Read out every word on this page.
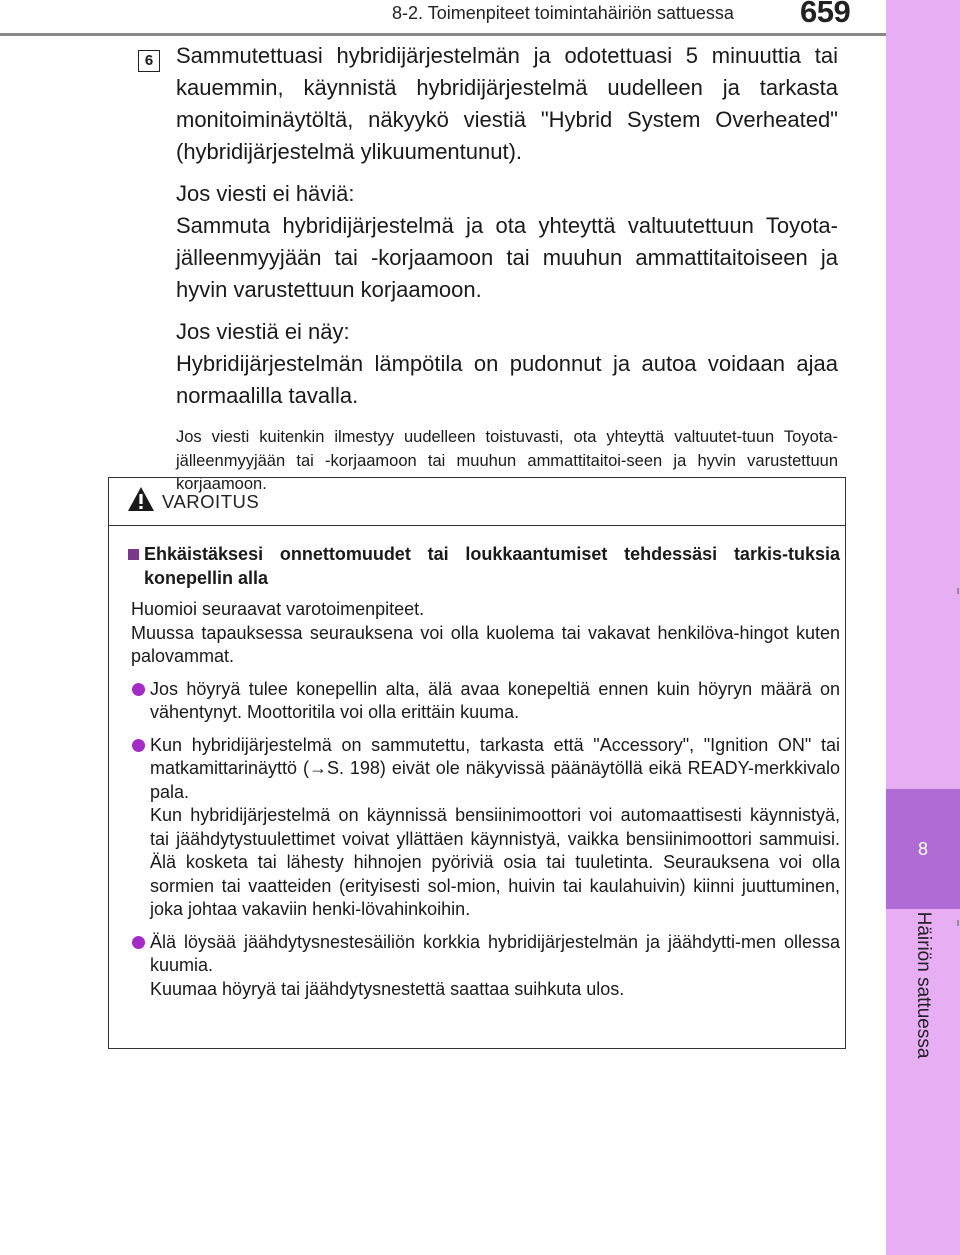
8-2. Toimenpiteet toimintahäiriön sattuessa 659
8
Häiriön sattuessa
6	Sammutettuasi hybridijärjestelmän ja odotettuasi 5 minuuttia tai kauemmin, käynnistä hybridijärjestelmä uudelleen ja tarkasta monitoiminäytöltä, näkyykö viestiä "Hybrid System Overheated" (hybridijärjestelmä ylikuumentunut).

Jos viesti ei häviä:

Sammuta hybridijärjestelmä ja ota yhteyttä valtuutettuun Toyota-jälleenmyyjään tai -korjaamoon tai muuhun ammattitaitoiseen ja hyvin varustettuun korjaamoon.

Jos viestiä ei näy:

Hybridijärjestelmän lämpötila on pudonnut ja autoa voidaan ajaa normaalilla tavalla.

Jos viesti kuitenkin ilmestyy uudelleen toistuvasti, ota yhteyttä valtuutet-tuun Toyota-jälleenmyyjään tai -korjaamoon tai muuhun ammattitaitoi-seen ja hyvin varustettuun korjaamoon.
VAROITUS
Ehkäistäksesi onnettomuudet tai loukkaantumiset tehdessäsi tarkis-tuksia konepellin alla
Huomioi seuraavat varotoimenpiteet.
Muussa tapauksessa seurauksena voi olla kuolema tai vakavat henkilöva-hingot kuten palovammat.
Jos höyryä tulee konepellin alta, älä avaa konepeltiä ennen kuin höyryn määrä on vähentynyt. Moottoritila voi olla erittäin kuuma.
Kun hybridijärjestelmä on sammutettu, tarkasta että "Accessory", "Ignition ON" tai matkamittarinäyttö (→S. 198) eivät ole näkyvissä päänäytöllä eikä READY-merkkivalo pala.
Kun hybridijärjestelmä on käynnissä bensiinimoottori voi automaattisesti käynnistyä, tai jäähdytystuulettimet voivat yllättäen käynnistyä, vaikka bensiinimoottori sammuisi. Älä kosketa tai lähesty hihnojen pyöriviä osia tai tuuletinta. Seurauksena voi olla sormien tai vaatteiden (erityisesti sol-mion, huivin tai kaulahuivin) kiinni juuttuminen, joka johtaa vakaviin henki-lövahinkoihin.
Älä löysää jäähdytysnestesäiliön korkkia hybridijärjestelmän ja jäähdytti-men ollessa kuumia.
Kuumaa höyryä tai jäähdytysnestettä saattaa suihkuta ulos.
